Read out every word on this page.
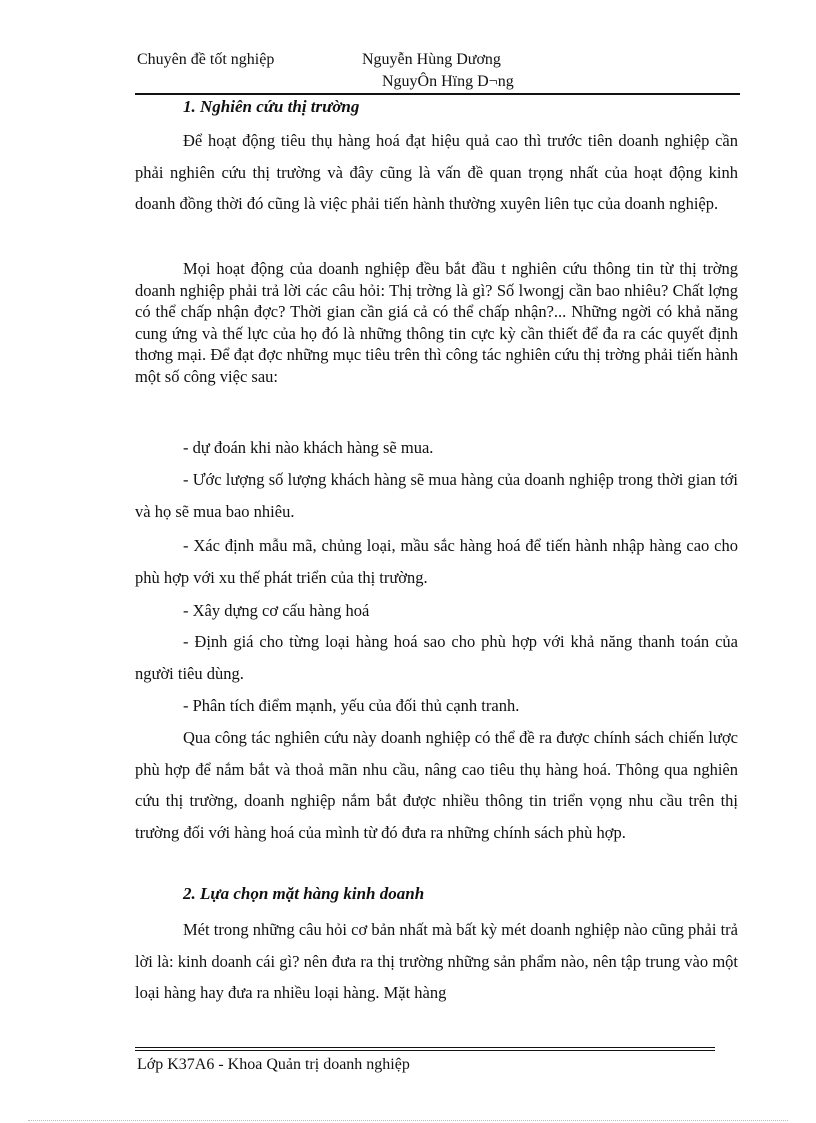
Chuyên đề tốt nghiệp	Nguyễn Hùng Dương
NguyÔn Hïng D¬ng
1. Nghiên cứu thị trường
Để hoạt động tiêu thụ hàng hoá đạt hiệu quả cao thì trước tiên doanh nghiệp cần phải nghiên cứu thị trường và đây cũng là vấn đề quan trọng nhất của hoạt động kinh doanh đồng thời đó cũng là việc phải tiến hành thường xuyên liên tục của doanh nghiệp.
Mọi hoạt động của doanh nghiệp đều bắt đầu t nghiên cứu thông tin từ thị trờng doanh nghiệp phải trả lời các câu hỏi: Thị trờng là gì? Số lwongj cần bao nhiêu? Chất lợng có thể chấp nhận đợc? Thời gian cần giá cả có thể chấp nhận?... Những ngời có khả năng cung ứng và thế lực của họ đó là những thông tin cực kỳ cần thiết để đa ra các quyết định thơng mại. Để đạt đợc những mục tiêu trên thì công tác nghiên cứu thị trờng phải tiến hành một số công việc sau:
- dự đoán khi nào khách hàng sẽ mua.
- Ước lượng số lượng khách hàng sẽ mua hàng của doanh nghiệp trong thời gian tới và họ sẽ mua bao nhiêu.
- Xác định mẫu mã, chủng loại, mầu sắc hàng hoá để tiến hành nhập hàng cao cho phù hợp với xu thế phát triển của thị trường.
- Xây dựng cơ cấu hàng hoá
- Định giá cho từng loại hàng hoá sao cho phù hợp với khả năng thanh toán của người tiêu dùng.
- Phân tích điểm mạnh, yếu của đối thủ cạnh tranh.
Qua công tác nghiên cứu này doanh nghiệp có thể đề ra được chính sách chiến lược phù hợp để nắm bắt và thoả mãn nhu cầu, nâng cao tiêu thụ hàng hoá. Thông qua nghiên cứu thị trường, doanh nghiệp nắm bắt được nhiều thông tin triển vọng nhu cầu trên thị trường đối với hàng hoá của mình từ đó đưa ra những chính sách phù hợp.
2. Lựa chọn mặt hàng kinh doanh
Mét trong những câu hỏi cơ bản nhất mà bất kỳ mét doanh nghiệp nào cũng phải trả lời là: kinh doanh cái gì? nên đưa ra thị trường những sản phẩm nào, nên tập trung vào một loại hàng hay đưa ra nhiều loại hàng. Mặt hàng
Lớp K37A6 - Khoa Quản trị doanh nghiệp
